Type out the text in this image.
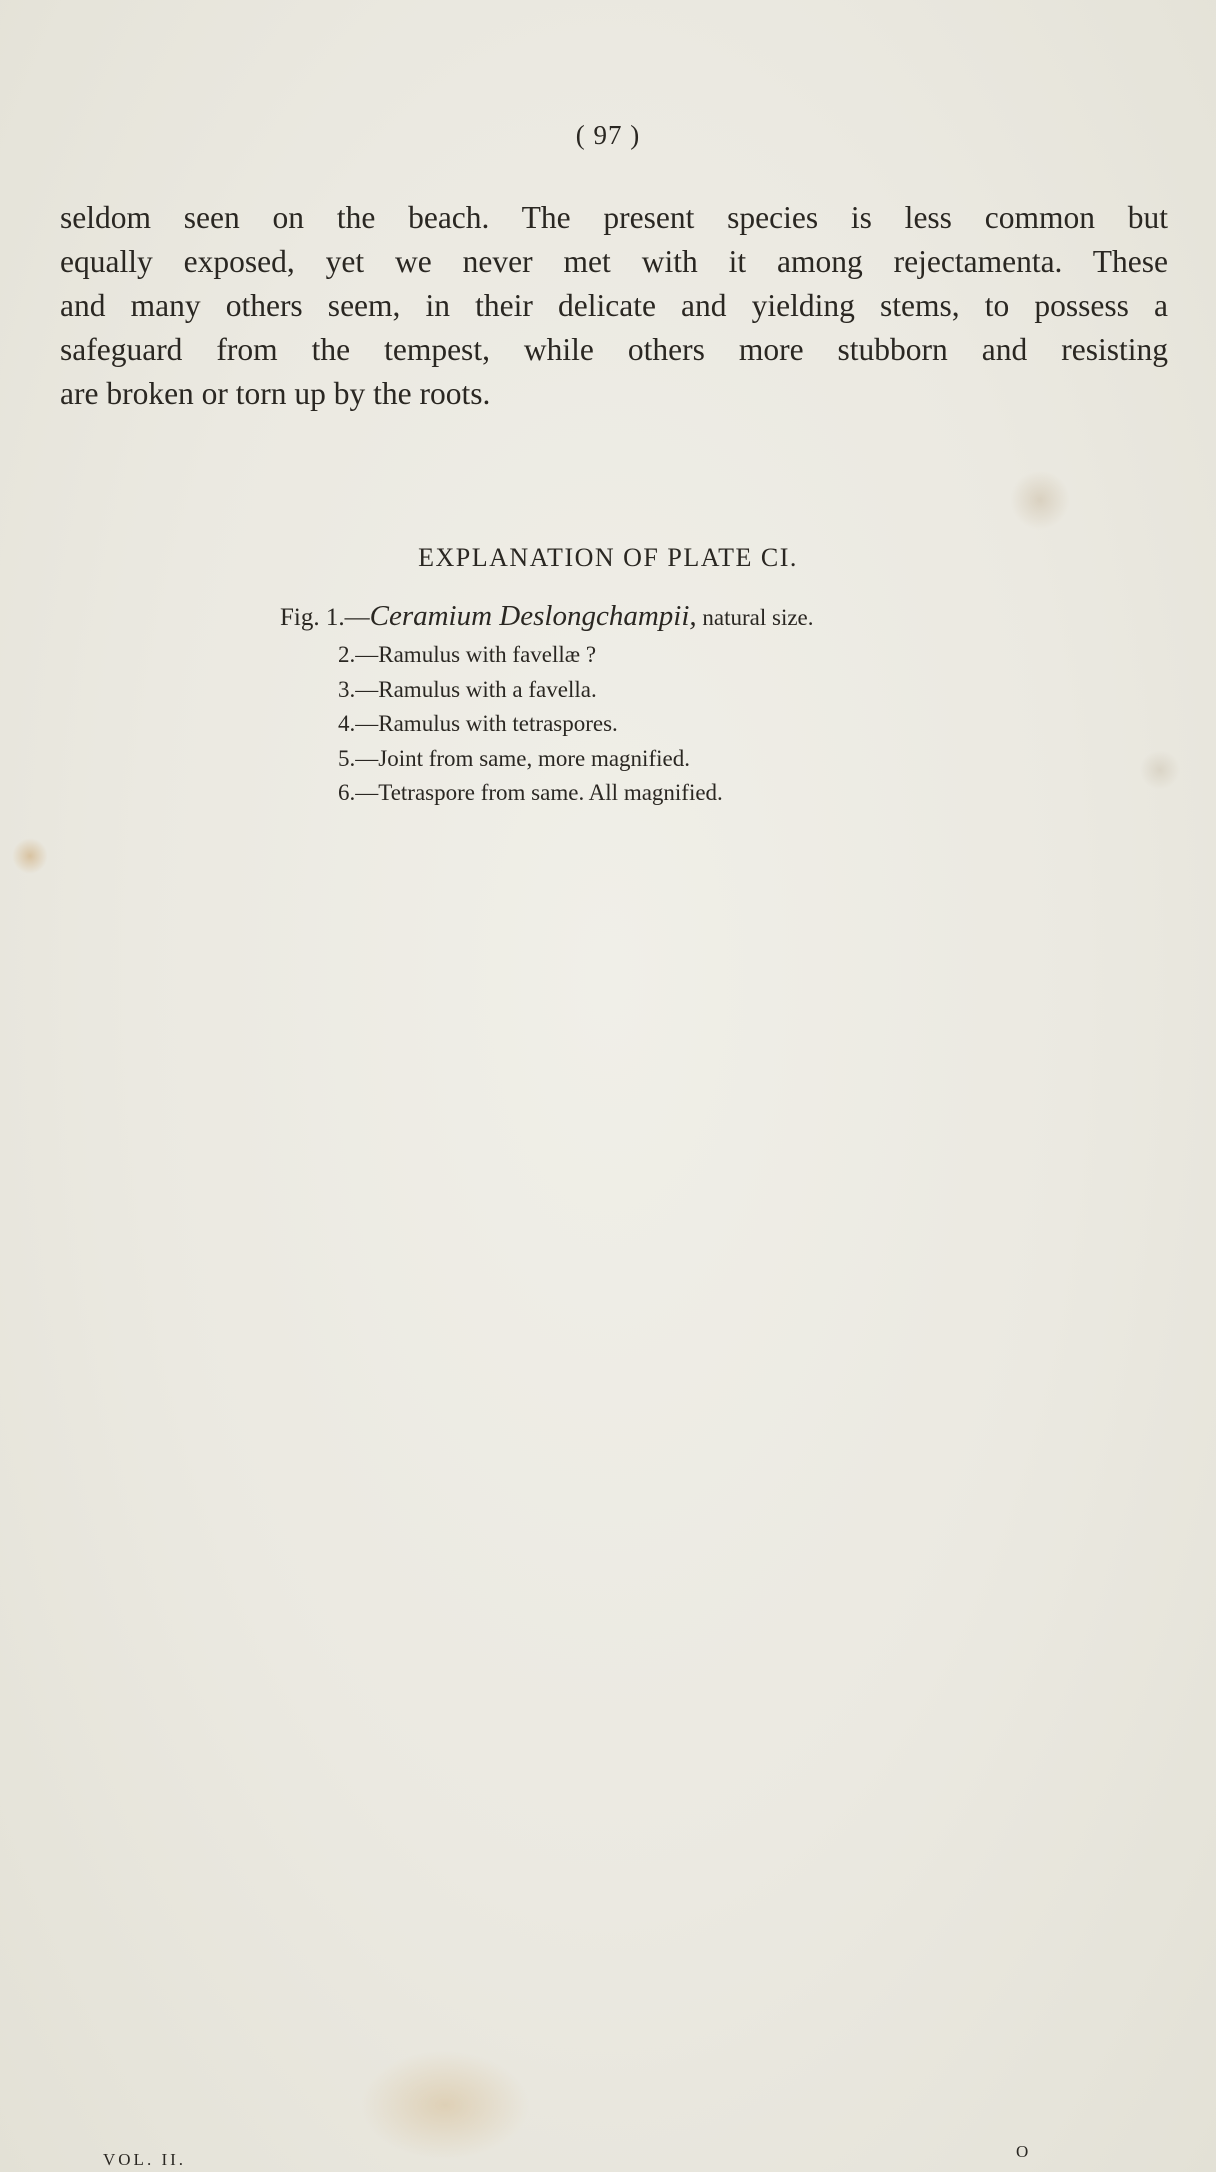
( 97 )
seldom seen on the beach. The present species is less common but
equally exposed, yet we never met with it among rejectamenta. These
and many others seem, in their delicate and yielding stems, to possess a
safeguard from the tempest, while others more stubborn and resisting
are broken or torn up by the roots.
EXPLANATION OF PLATE CI.
Fig. 1.—Ceramium Deslongchampii, natural size.
2.—Ramulus with favellæ ?
3.—Ramulus with a favella.
4.—Ramulus with tetraspores.
5.—Joint from same, more magnified.
6.—Tetraspore from same. All magnified.
VOL. II.	O
